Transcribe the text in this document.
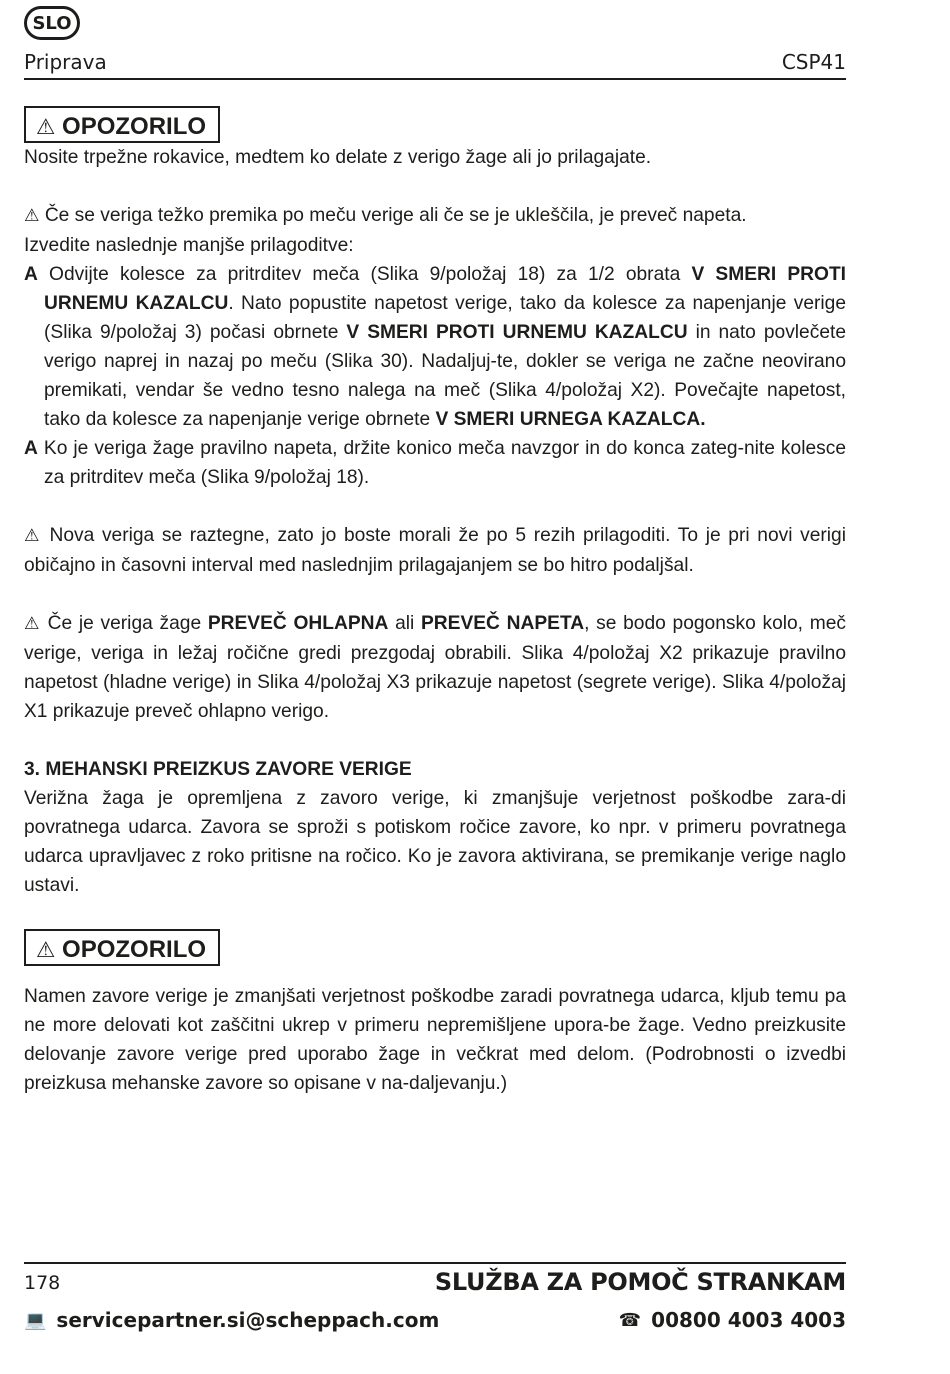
SLO
Priprava	CSP41
⚠ OPOZORILO

Nosite trpežne rokavice, medtem ko delate z verigo žage ali jo prilagajate.

⚠ Če se veriga težko premika po meču verige ali če se je ukleščila, je preveč napeta.

Izvedite naslednje manjše prilagoditve:

A Odvijte kolesce za pritrditev meča (Slika 9/položaj 18) za 1/2 obrata V SMERI PROTI URNEMU KAZALCU. Nato popustite napetost verige, tako da kolesce za napenjanje verige (Slika 9/položaj 3) počasi obrnete V SMERI PROTI URNEMU KAZALCU in nato povlečete verigo naprej in nazaj po meču (Slika 30). Nadaljuj-te, dokler se veriga ne začne neovirano premikati, vendar še vedno tesno nalega na meč (Slika 4/položaj X2). Povečajte napetost, tako da kolesce za napenjanje verige obrnete V SMERI URNEGA KAZALCA.

A Ko je veriga žage pravilno napeta, držite konico meča navzgor in do konca zateg-nite kolesce za pritrditev meča (Slika 9/položaj 18).

⚠ Nova veriga se raztegne, zato jo boste morali že po 5 rezih prilagoditi. To je pri novi verigi običajno in časovni interval med naslednjim prilagajanjem se bo hitro podaljšal.

⚠ Če je veriga žage PREVEČ OHLAPNA ali PREVEČ NAPETA, se bodo pogonsko kolo, meč verige, veriga in ležaj ročične gredi prezgodaj obrabili. Slika 4/položaj X2 prikazuje pravilno napetost (hladne verige) in Slika 4/položaj X3 prikazuje napetost (segrete verige). Slika 4/položaj X1 prikazuje preveč ohlapno verigo.

3. MEHANSKI PREIZKUS ZAVORE VERIGE

Verižna žaga je opremljena z zavoro verige, ki zmanjšuje verjetnost poškodbe zara-di povratnega udarca. Zavora se sproži s potiskom ročice zavore, ko npr. v primeru povratnega udarca upravljavec z roko pritisne na ročico. Ko je zavora aktivirana, se premikanje verige naglo ustavi.

⚠ OPOZORILO

Namen zavore verige je zmanjšati verjetnost poškodbe zaradi povratnega udarca, kljub temu pa ne more delovati kot zaščitni ukrep v primeru nepremišljene upora-be žage. Vedno preizkusite delovanje zavore verige pred uporabo žage in večkrat med delom. (Podrobnosti o izvedbi preizkusa mehanske zavore so opisane v na-daljevanju.)

178	SLUŽBA ZA POMOČ STRANKAM
💻 servicepartner.si@scheppach.com	☎ 00800 4003 4003
